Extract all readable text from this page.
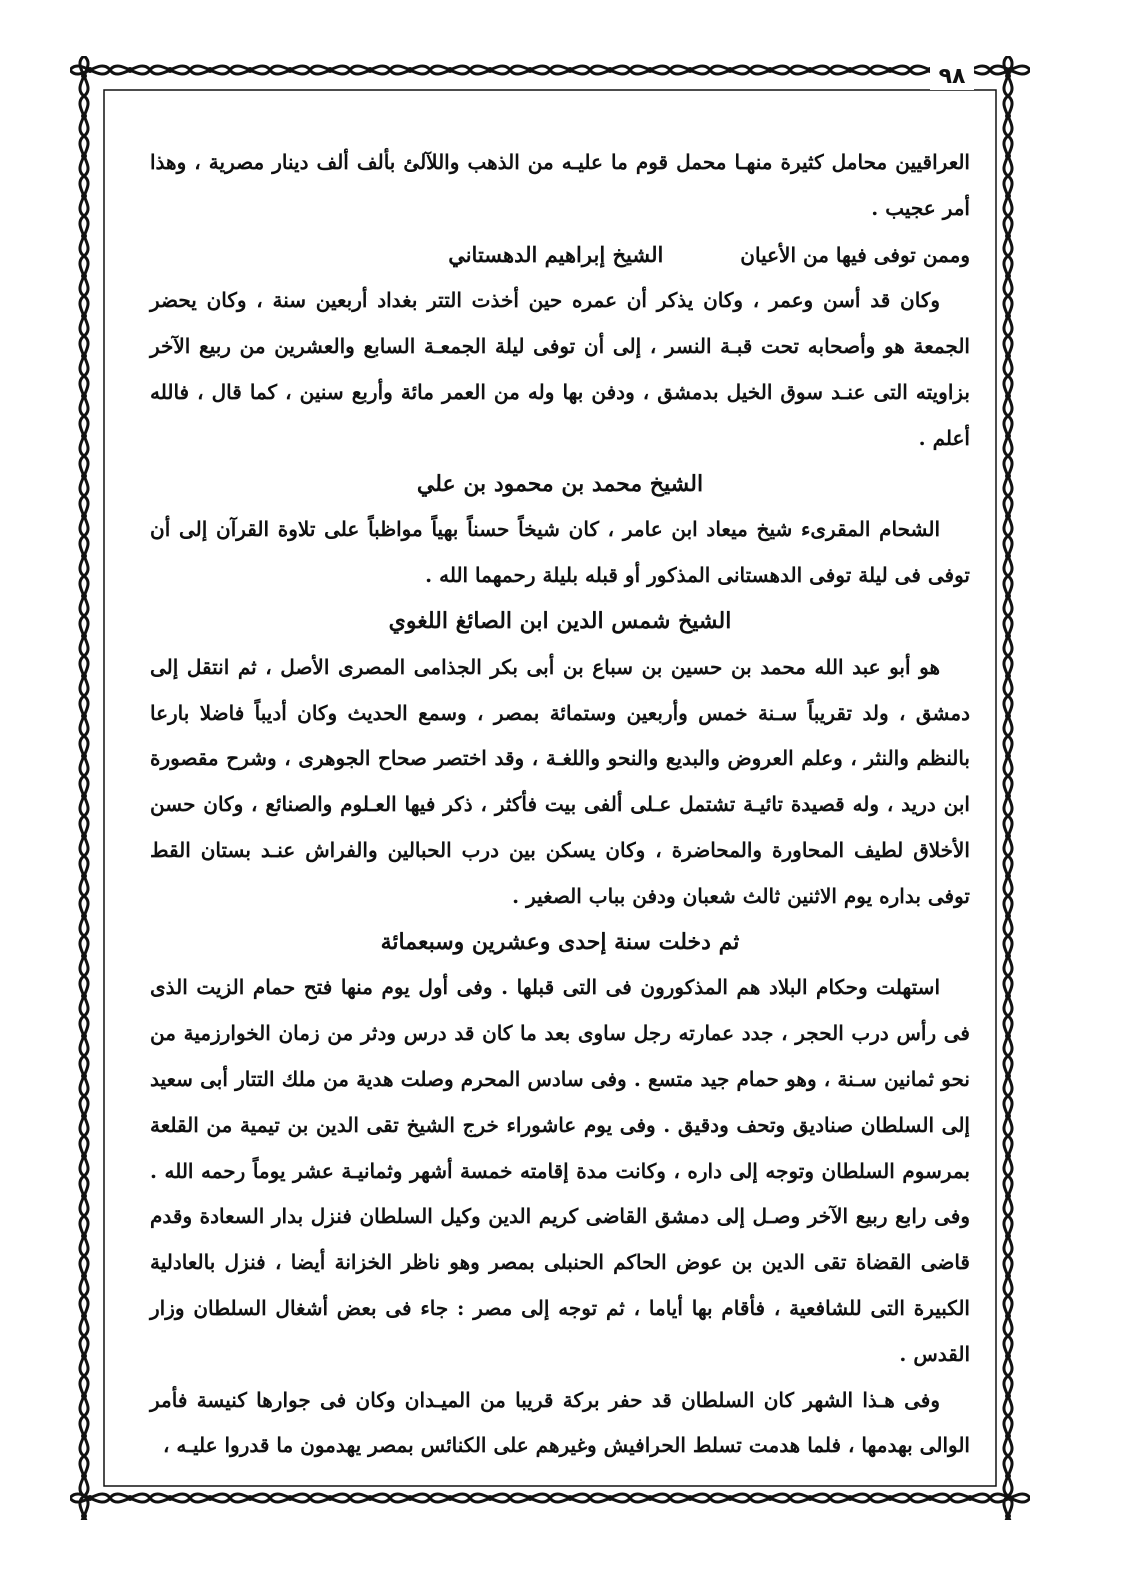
٩٨

العراقيين محامل كثيرة منهـا محمل قوم ما عليـه من الذهب واللآلئ بألف ألف دينار مصرية ، وهذا أمر عجيب .

وممن توفى فيها من الأعيان الشيخ إبراهيم الدهستاني

وكان قد أسن وعمر ، وكان يذكر أن عمره حين أخذت التتر بغداد أربعين سنة ، وكان يحضر الجمعة هو وأصحابه تحت قبـة النسر ، إلى أن توفى ليلة الجمعـة السابع والعشرين من ربيع الآخر بزاويته التى عنـد سوق الخيل بدمشق ، ودفن بها وله من العمر مائة وأربع سنين ، كما قال ، فالله أعلم .

الشيخ محمد بن محمود بن علي

الشحام المقرىء شيخ ميعاد ابن عامر ، كان شيخاً حسناً بهياً مواظباً على تلاوة القرآن إلى أن توفى فى ليلة توفى الدهستانى المذكور أو قبله بليلة رحمهما الله .

الشيخ شمس الدين ابن الصائغ اللغوي

هو أبو عبد الله محمد بن حسين بن سباع بن أبى بكر الجذامى المصرى الأصل ، ثم انتقل إلى دمشق ، ولد تقريباً سـنة خمس وأربعين وستمائة بمصر ، وسمع الحديث وكان أديباً فاضلا بارعا بالنظم والنثر ، وعلم العروض والبديع والنحو واللغـة ، وقد اختصر صحاح الجوهرى ، وشرح مقصورة ابن دريد ، وله قصيدة تائيـة تشتمل عـلى ألفى بيت فأكثر ، ذكر فيها العـلوم والصنائع ، وكان حسن الأخلاق لطيف المحاورة والمحاضرة ، وكان يسكن بين درب الحبالين والفراش عنـد بستان القط توفى بداره يوم الاثنين ثالث شعبان ودفن بباب الصغير .

ثم دخلت سنة إحدى وعشرين وسبعمائة

استهلت وحكام البلاد هم المذكورون فى التى قبلها . وفى أول يوم منها فتح حمام الزيت الذى فى رأس درب الحجر ، جدد عمارته رجل ساوى بعد ما كان قد درس ودثر من زمان الخوارزمية من نحو ثمانين سـنة ، وهو حمام جيد متسع . وفى سادس المحرم وصلت هدية من ملك التتار أبى سعيد إلى السلطان صناديق وتحف ودقيق . وفى يوم عاشوراء خرج الشيخ تقى الدين بن تيمية من القلعة بمرسوم السلطان وتوجه إلى داره ، وكانت مدة إقامته خمسة أشهر وثمانيـة عشر يوماً رحمه الله . وفى رابع ربيع الآخر وصـل إلى دمشق القاضى كريم الدين وكيل السلطان فنزل بدار السعادة وقدم قاضى القضاة تقى الدين بن عوض الحاكم الحنبلى بمصر وهو ناظر الخزانة أيضا ، فنزل بالعادلية الكبيرة التى للشافعية ، فأقام بها أياما ، ثم توجه إلى مصر : جاء فى بعض أشغال السلطان وزار القدس .

وفى هـذا الشهر كان السلطان قد حفر بركة قريبا من الميـدان وكان فى جوارها كنيسة فأمر الوالى بهدمها ، فلما هدمت تسلط الحرافيش وغيرهم على الكنائس بمصر يهدمون ما قدروا عليـه ،
